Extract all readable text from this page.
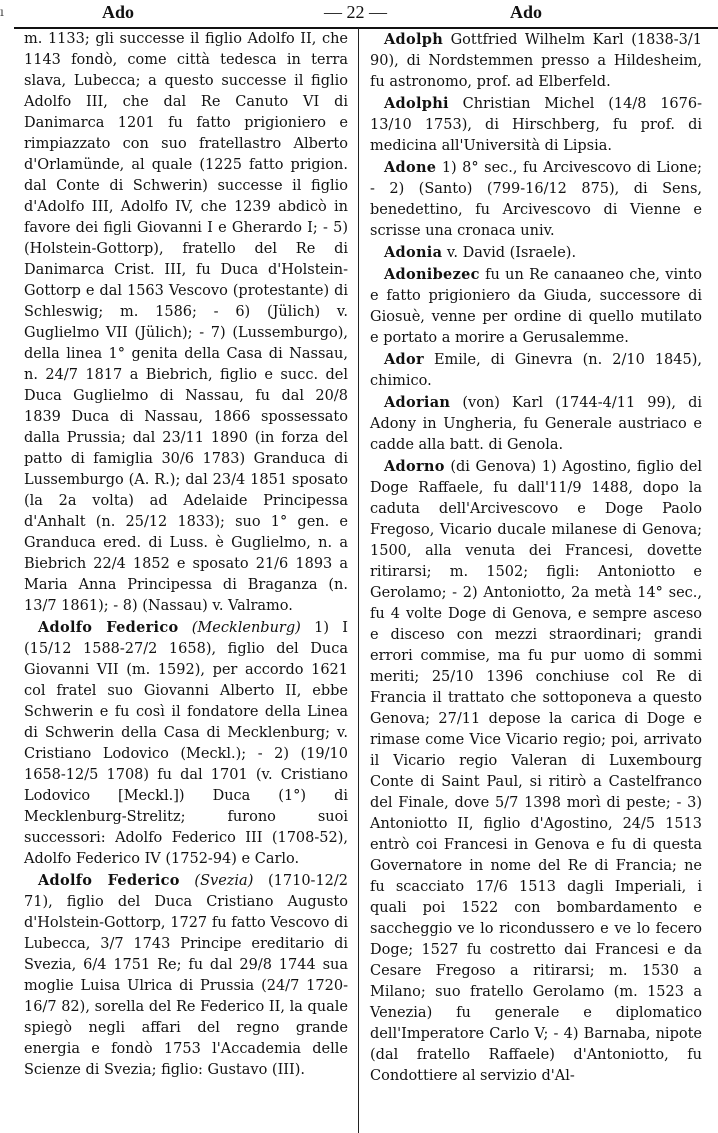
ı	Ado	— 22 —	Ado

m. 1133; gli successe il figlio Adolfo II, che 1143 fondò, come città tedesca in terra slava, Lubecca; a questo successe il figlio Adolfo III, che dal Re Canuto VI di Danimarca 1201 fu fatto prigioniero e rimpiazzato con suo fratellastro Alberto d'Orlamünde, al quale (1225 fatto prigion. dal Conte di Schwerin) successe il figlio d'Adolfo III, Adolfo IV, che 1239 abdicò in favore dei figli Giovanni I e Gherardo I; - 5) (Holstein-Gottorp), fratello del Re di Danimarca Crist. III, fu Duca d'Holstein-Gottorp e dal 1563 Vescovo (protestante) di Schleswig; m. 1586; - 6) (Jülich) v. Guglielmo VII (Jülich); - 7) (Lussemburgo), della linea 1° genita della Casa di Nassau, n. 24/7 1817 a Biebrich, figlio e succ. del Duca Guglielmo di Nassau, fu dal 20/8 1839 Duca di Nassau, 1866 spossessato dalla Prussia; dal 23/11 1890 (in forza del patto di famiglia 30/6 1783) Granduca di Lussemburgo (A. R.); dal 23/4 1851 sposato (la 2a volta) ad Adelaide Principessa d'Anhalt (n. 25/12 1833); suo 1° gen. e Granduca ered. di Luss. è Guglielmo, n. a Biebrich 22/4 1852 e sposato 21/6 1893 a Maria Anna Principessa di Braganza (n. 13/7 1861); - 8) (Nassau) v. Valramo.

Adolfo Federico (Mecklenburg) 1) I (15/12 1588-27/2 1658), figlio del Duca Giovanni VII (m. 1592), per accordo 1621 col fratel suo Giovanni Alberto II, ebbe Schwerin e fu così il fondatore della Linea di Schwerin della Casa di Mecklenburg; v. Cristiano Lodovico (Meckl.); - 2) (19/10 1658-12/5 1708) fu dal 1701 (v. Cristiano Lodovico [Meckl.]) Duca (1°) di Mecklenburg-Strelitz; furono suoi successori: Adolfo Federico III (1708-52), Adolfo Federico IV (1752-94) e Carlo.

Adolfo Federico (Svezia) (1710-12/2 71), figlio del Duca Cristiano Augusto d'Holstein-Gottorp, 1727 fu fatto Vescovo di Lubecca, 3/7 1743 Principe ereditario di Svezia, 6/4 1751 Re; fu dal 29/8 1744 sua moglie Luisa Ulrica di Prussia (24/7 1720-16/7 82), sorella del Re Federico II, la quale spiegò negli affari del regno grande energia e fondò 1753 l'Accademia delle Scienze di Svezia; figlio: Gustavo (III).

Adolph Gottfried Wilhelm Karl (1838-3/1 90), di Nordstemmen presso a Hildesheim, fu astronomo, prof. ad Elberfeld.

Adolphi Christian Michel (14/8 1676-13/10 1753), di Hirschberg, fu prof. di medicina all'Università di Lipsia.

Adone 1) 8° sec., fu Arcivescovo di Lione; - 2) (Santo) (799-16/12 875), di Sens, benedettino, fu Arcivescovo di Vienne e scrisse una cronaca univ.

Adonia v. David (Israele).

Adonibezec fu un Re canaaneo che, vinto e fatto prigioniero da Giuda, successore di Giosuè, venne per ordine di quello mutilato e portato a morire a Gerusalemme.

Ador Emile, di Ginevra (n. 2/10 1845), chimico.

Adorian (von) Karl (1744-4/11 99), di Adony in Ungheria, fu Generale austriaco e cadde alla batt. di Genola.

Adorno (di Genova) 1) Agostino, figlio del Doge Raffaele, fu dall'11/9 1488, dopo la caduta dell'Arcivescovo e Doge Paolo Fregoso, Vicario ducale milanese di Genova; 1500, alla venuta dei Francesi, dovette ritirarsi; m. 1502; figli: Antoniotto e Gerolamo; - 2) Antoniotto, 2a metà 14° sec., fu 4 volte Doge di Genova, e sempre asceso e disceso con mezzi straordinari; grandi errori commise, ma fu pur uomo di sommi meriti; 25/10 1396 conchiuse col Re di Francia il trattato che sottoponeva a questo Genova; 27/11 depose la carica di Doge e rimase come Vice Vicario regio; poi, arrivato il Vicario regio Valeran di Luxembourg Conte di Saint Paul, si ritirò a Castelfranco del Finale, dove 5/7 1398 morì di peste; - 3) Antoniotto II, figlio d'Agostino, 24/5 1513 entrò coi Francesi in Genova e fu di questa Governatore in nome del Re di Francia; ne fu scacciato 17/6 1513 dagli Imperiali, i quali poi 1522 con bombardamento e saccheggio ve lo ricondussero e ve lo fecero Doge; 1527 fu costretto dai Francesi e da Cesare Fregoso a ritirarsi; m. 1530 a Milano; suo fratello Gerolamo (m. 1523 a Venezia) fu generale e diplomatico dell'Imperatore Carlo V; - 4) Barnaba, nipote (dal fratello Raffaele) d'Antoniotto, fu Condottiere al servizio d'Al-
